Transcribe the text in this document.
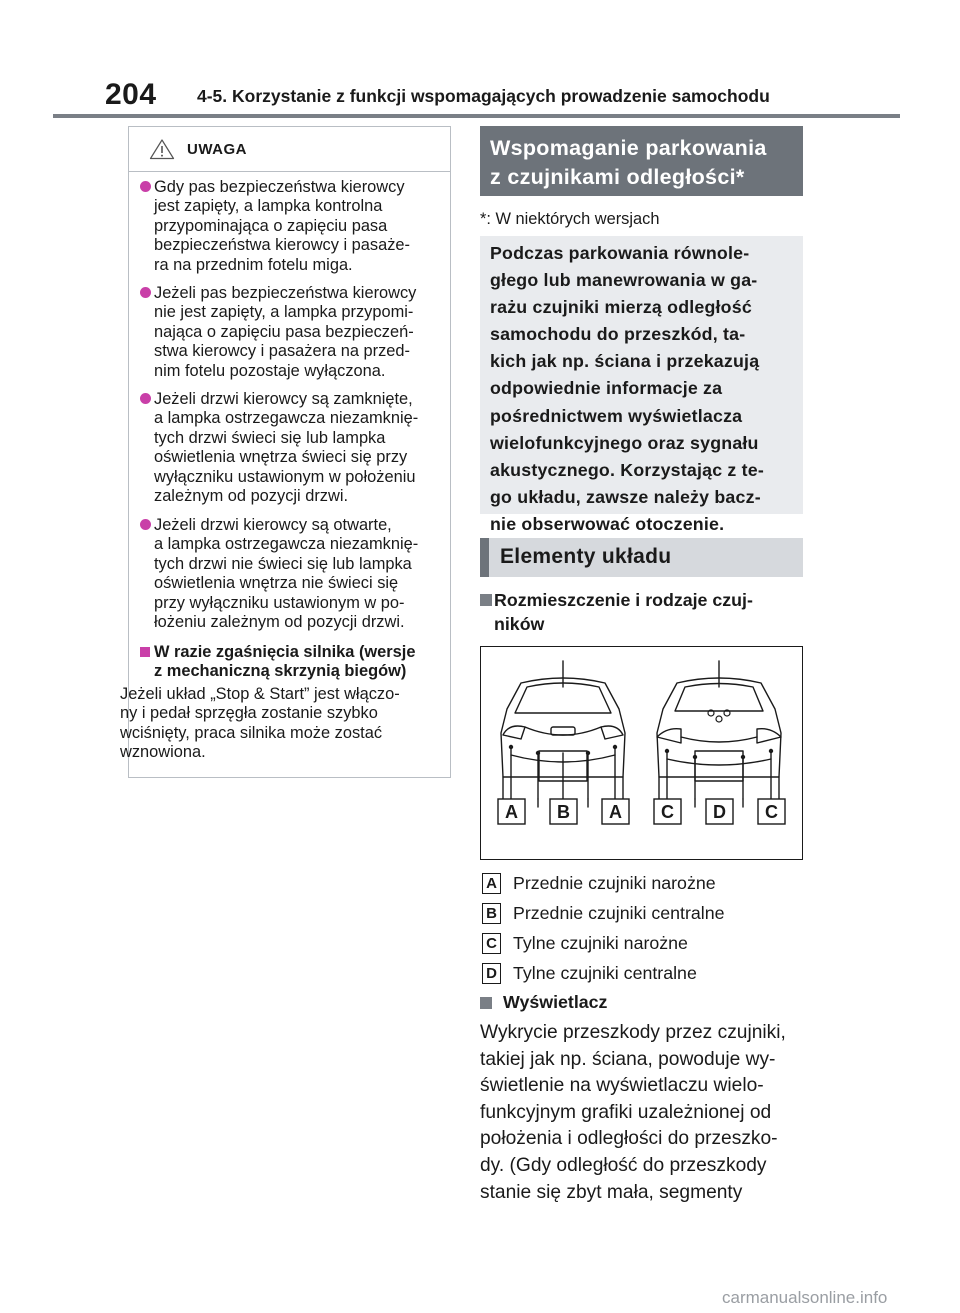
204 4-5. Korzystanie z funkcji wspomagających prowadzenie samochodu
UWAGA
Gdy pas bezpieczeństwa kierowcy
jest zapięty, a lampka kontrolna
przypominająca o zapięciu pasa
bezpieczeństwa kierowcy i pasaże-
ra na przednim fotelu miga.
Jeżeli pas bezpieczeństwa kierowcy
nie jest zapięty, a lampka przypomi-
nająca o zapięciu pasa bezpieczeń-
stwa kierowcy i pasażera na przed-
nim fotelu pozostaje wyłączona.
Jeżeli drzwi kierowcy są zamknięte,
a lampka ostrzegawcza niezamknię-
tych drzwi świeci się lub lampka
oświetlenia wnętrza świeci się przy
wyłączniku ustawionym w położeniu
zależnym od pozycji drzwi.
Jeżeli drzwi kierowcy są otwarte,
a lampka ostrzegawcza niezamknię-
tych drzwi nie świeci się lub lampka
oświetlenia wnętrza nie świeci się
przy wyłączniku ustawionym w po-
łożeniu zależnym od pozycji drzwi.
W razie zgaśnięcia silnika (wersje
z mechaniczną skrzynią biegów)
Jeżeli układ „Stop & Start” jest włączo-
ny i pedał sprzęgła zostanie szybko
wciśnięty, praca silnika może zostać
wznowiona.
Wspomaganie parkowania
z czujnikami odległości*
*: W niektórych wersjach
Podczas parkowania równole-
głego lub manewrowania w ga-
rażu czujniki mierzą odległość
samochodu do przeszkód, ta-
kich jak np. ściana i przekazują
odpowiednie informacje za
pośrednictwem wyświetlacza
wielofunkcyjnego oraz sygnału
akustycznego. Korzystając z te-
go układu, zawsze należy bacz-
nie obserwować otoczenie.
Elementy układu
Rozmieszczenie i rodzaje czuj-
ników
A B A C D C
A Przednie czujniki narożne
B Przednie czujniki centralne
C Tylne czujniki narożne
D Tylne czujniki centralne
Wyświetlacz
Wykrycie przeszkody przez czujniki,
takiej jak np. ściana, powoduje wy-
świetlenie na wyświetlaczu wielo-
funkcyjnym grafiki uzależnionej od
położenia i odległości do przeszko-
dy. (Gdy odległość do przeszkody
stanie się zbyt mała, segmenty
carmanualsonline.info
